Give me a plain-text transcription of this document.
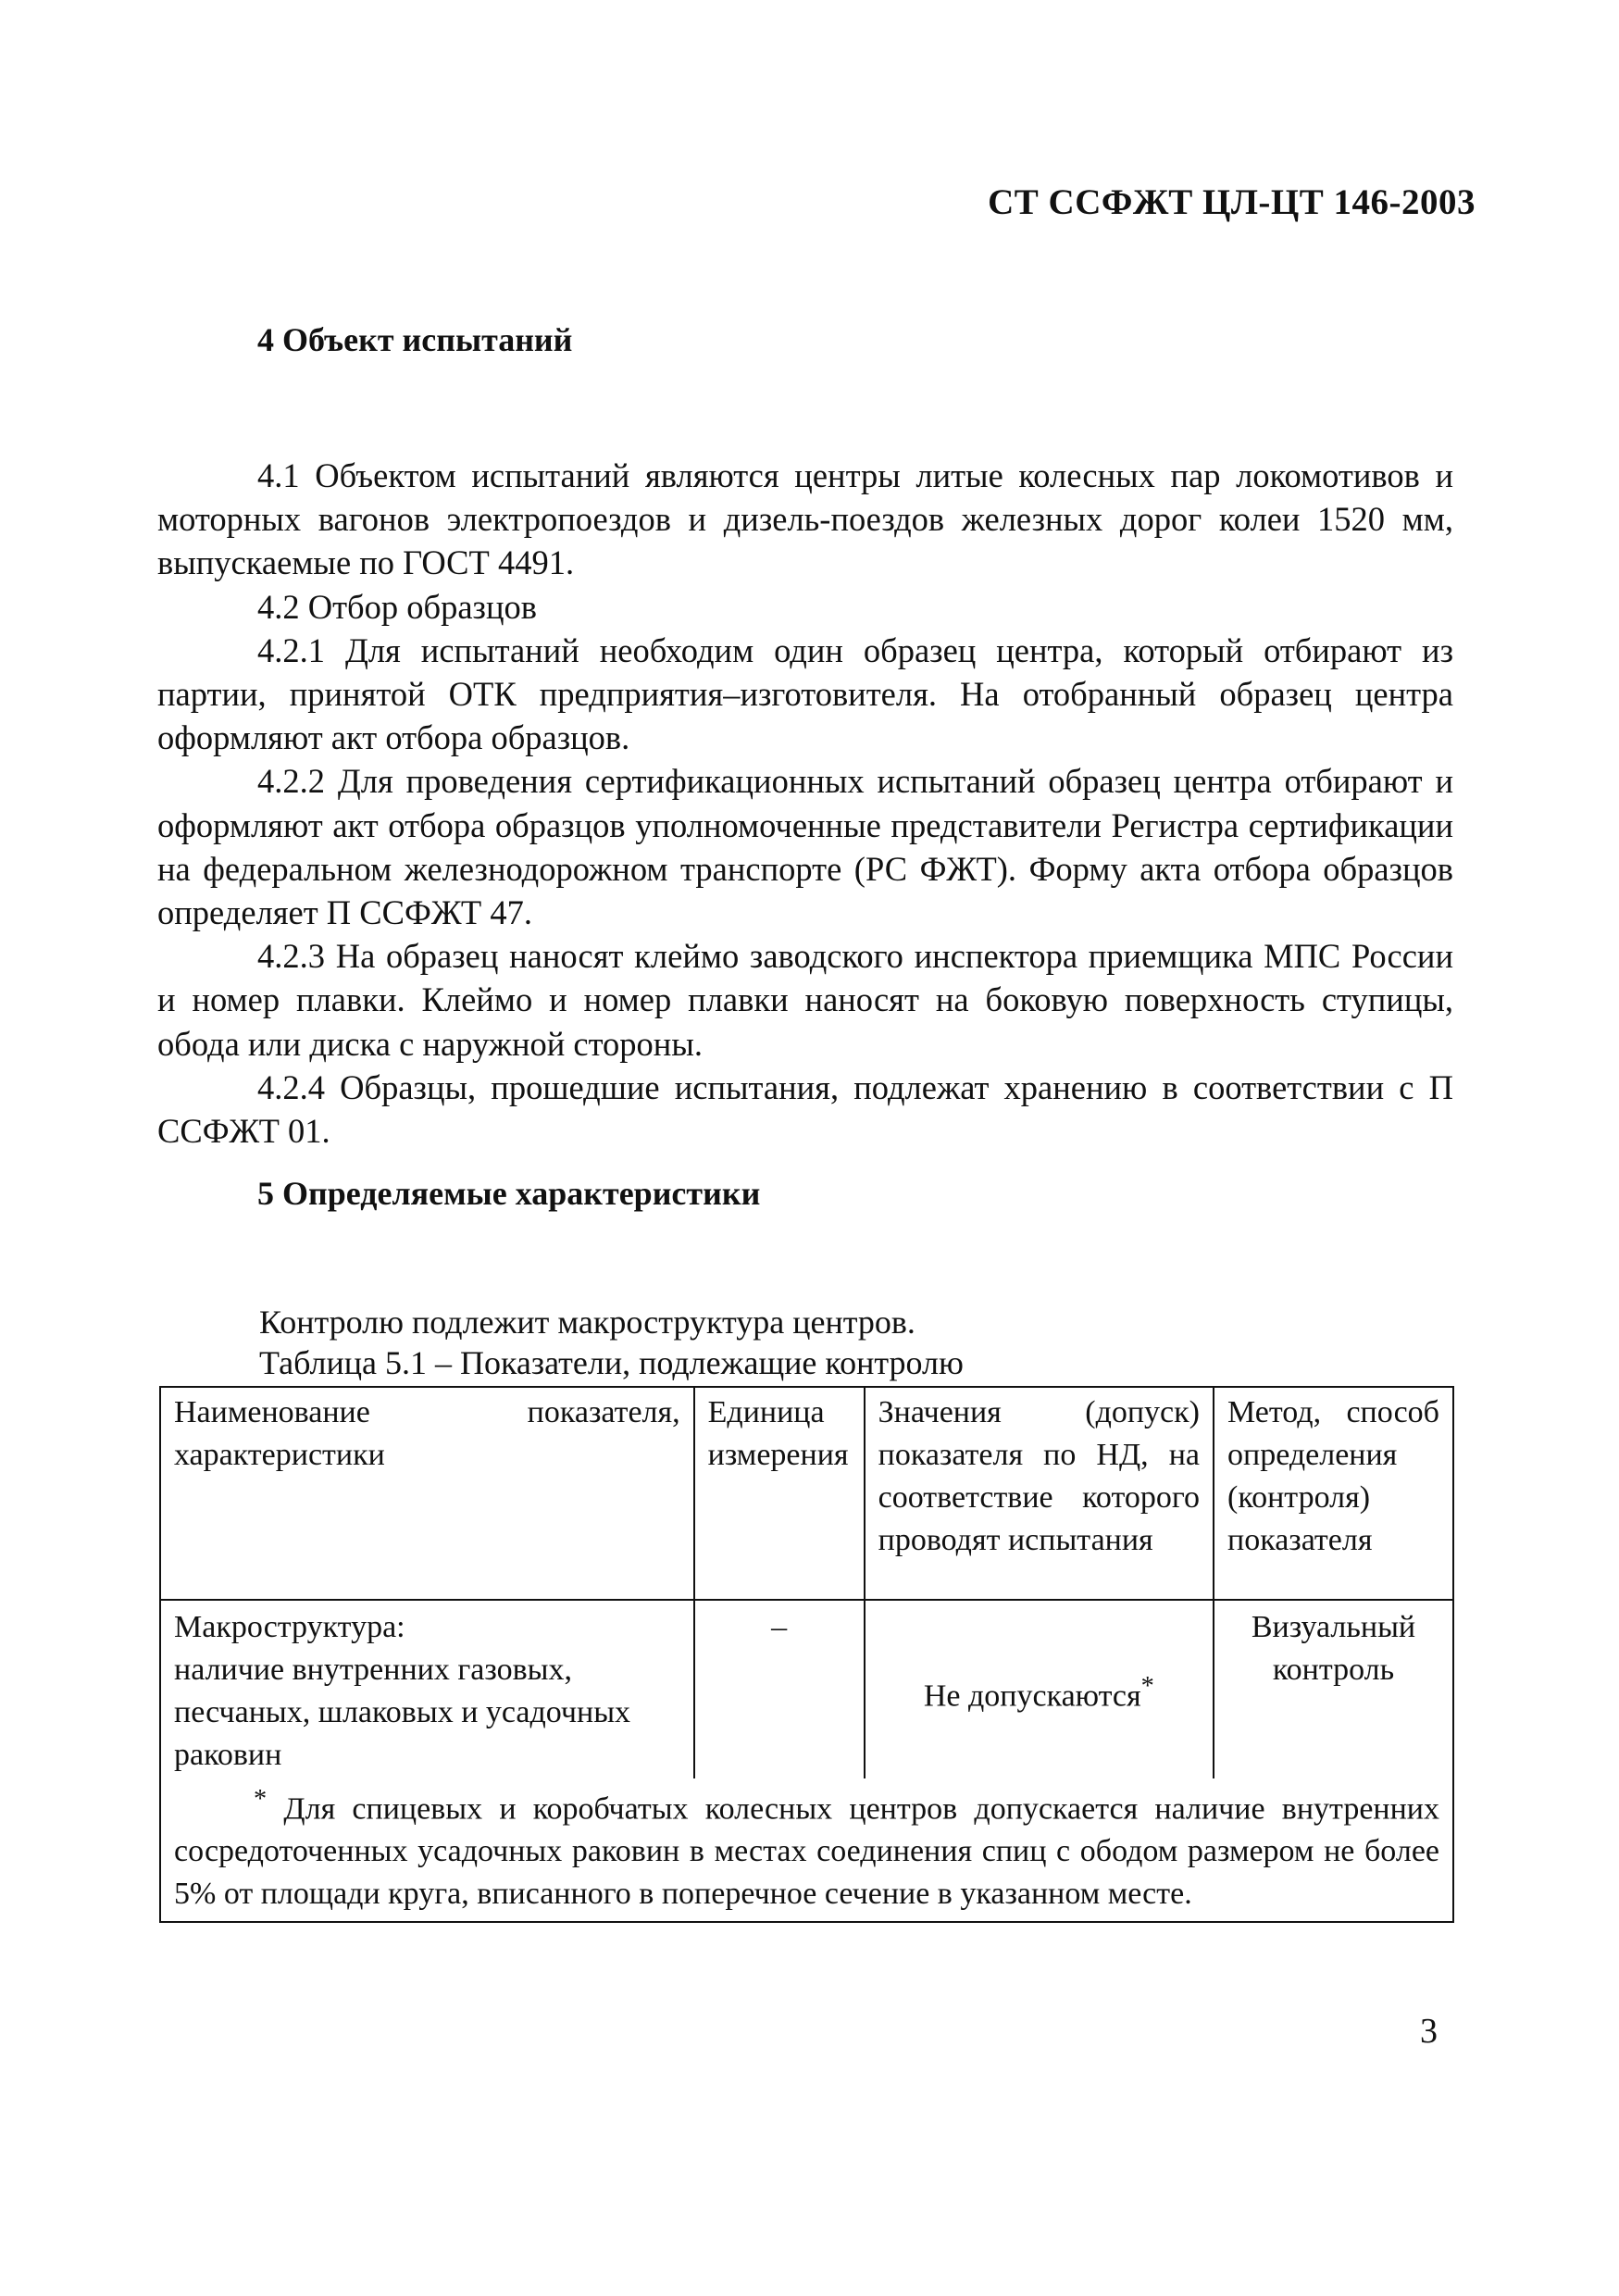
СТ ССФЖТ ЦЛ-ЦТ 146-2003
4 Объект испытаний

4.1 Объектом испытаний являются центры литые колесных пар локомотивов и моторных вагонов электропоездов и дизель-поездов железных дорог колеи 1520 мм, выпускаемые по ГОСТ 4491.

4.2 Отбор образцов

4.2.1 Для испытаний необходим один образец центра, который отбирают из партии, принятой ОТК предприятия–изготовителя. На отобранный образец центра оформляют акт отбора образцов.

4.2.2 Для проведения сертификационных испытаний образец центра отбирают и оформляют акт отбора образцов уполномоченные представители Регистра сертификации на федеральном железнодорожном транспорте (РС ФЖТ). Форму акта отбора образцов определяет П ССФЖТ 47.

4.2.3 На образец наносят клеймо заводского инспектора приемщика МПС России и номер плавки. Клеймо и номер плавки наносят на боковую поверхность ступицы, обода или диска с наружной стороны.

4.2.4 Образцы, прошедшие испытания, подлежат хранению в соответствии с П ССФЖТ 01.

5 Определяемые характеристики
Контролю подлежит макроструктура центров.
Таблица 5.1 – Показатели, подлежащие контролю
Наименование показателя, характеристики	Единица измерения	Значения (допуск) показателя по НД, на соответствие которого проводят испытания	Метод, способ определения (контроля) показателя

Макроструктура:
наличие внутренних газовых, песчаных, шлаковых и усадочных раковин	–	Не допускаются*	Визуальный контроль
* Для спицевых и коробчатых колесных центров допускается наличие внутренних сосредоточенных усадочных раковин в местах соединения спиц с ободом размером не более 5% от площади круга, вписанного в поперечное сечение в указанном месте.			
3
